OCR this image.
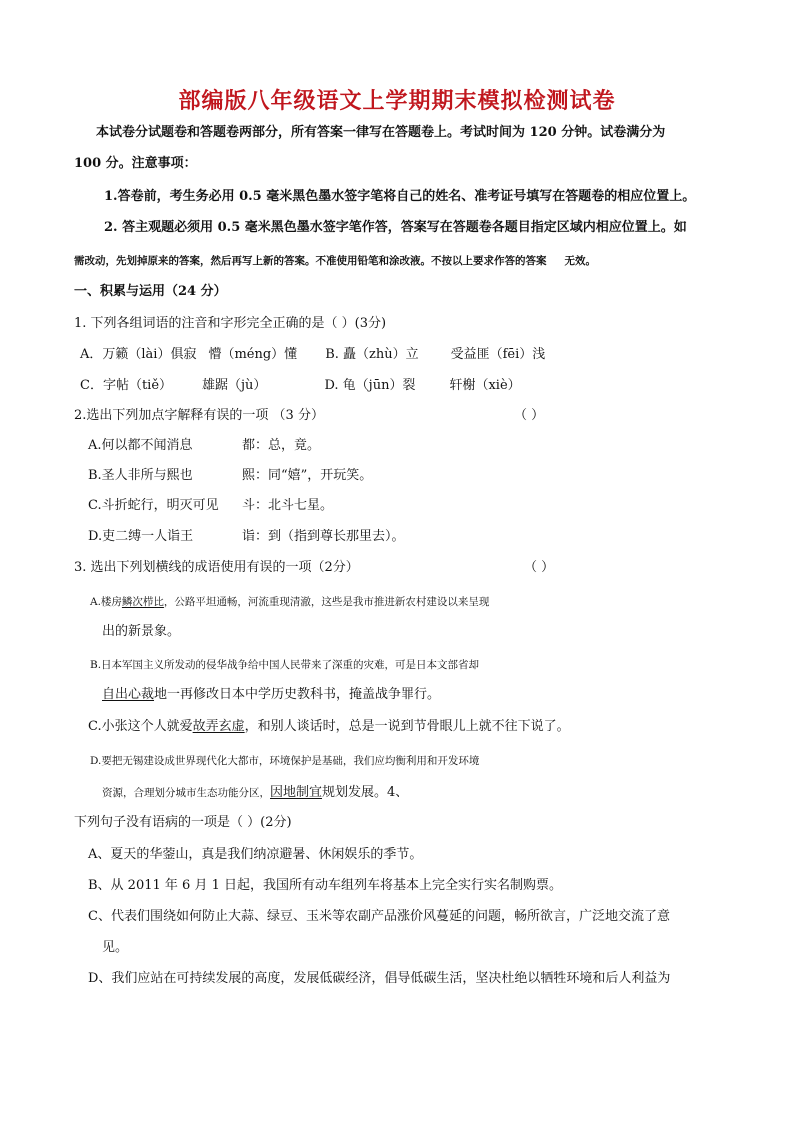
部编版八年级语文上学期期末模拟检测试卷
本试卷分试题卷和答题卷两部分，所有答案一律写在答题卷上。考试时间为 120 分钟。试卷满分为
100 分。注意事项：
1.答卷前，考生务必用 0.5 毫米黑色墨水签字笔将自己的姓名、准考证号填写在答题卷的相应位置上。
2. 答主观题必须用 0.5 毫米黑色墨水签字笔作答，答案写在答题卷各题目指定区域内相应位置上。如
需改动，先划掉原来的答案，然后再写上新的答案。不准使用铅笔和涂改液。不按以上要求作答的答案 无效。
一、积累与运用（24 分）
1. 下列各组词语的注音和字形完全正确的是（ ）(3分)
A．万籁（lài）俱寂 懵（méng）懂 B. 矗（zhù）立 受益匪（fēi）浅
C．字帖（tiě） 雄踞（jù）	D. 龟（jūn）裂	轩榭（xiè）
2.选出下列加点字解释有误的一项 （3 分）	（ ）
A.何以都不闻消息	都：总，竟。
B.圣人非所与熙也	熙：同“嬉”，开玩笑。
C.斗折蛇行，明灭可见 斗：北斗七星。
D.吏二缚一人诣王	诣：到（指到尊长那里去）。
3. 选出下列划横线的成语使用有误的一项（2分）	（ ）
A.楼房鳞次栉比，公路平坦通畅，河流重现清澈，这些是我市推进新农村建设以来呈现
出的新景象。
B.日本军国主义所发动的侵华战争给中国人民带来了深重的灾难，可是日本文部省却
自出心裁地一再修改日本中学历史教科书，掩盖战争罪行。
C.小张这个人就爱故弄玄虚，和别人谈话时，总是一说到节骨眼儿上就不往下说了。
D.要把无锡建设成世界现代化大都市，环境保护是基础，我们应均衡利用和开发环境
资源，合理划分城市生态功能分区，因地制宜规划发展。4、
下列句子没有语病的一项是（ ）(2分)
A、夏天的华蓥山，真是我们纳凉避暑、休闲娱乐的季节。
B、从 2011 年 6 月 1 日起，我国所有动车组列车将基本上完全实行实名制购票。
C、代表们围绕如何防止大蒜、绿豆、玉米等农副产品涨价风蔓延的问题，畅所欲言，广泛地交流了意
见。
D、我们应站在可持续发展的高度，发展低碳经济，倡导低碳生活，坚决杜绝以牺牲环境和后人利益为
